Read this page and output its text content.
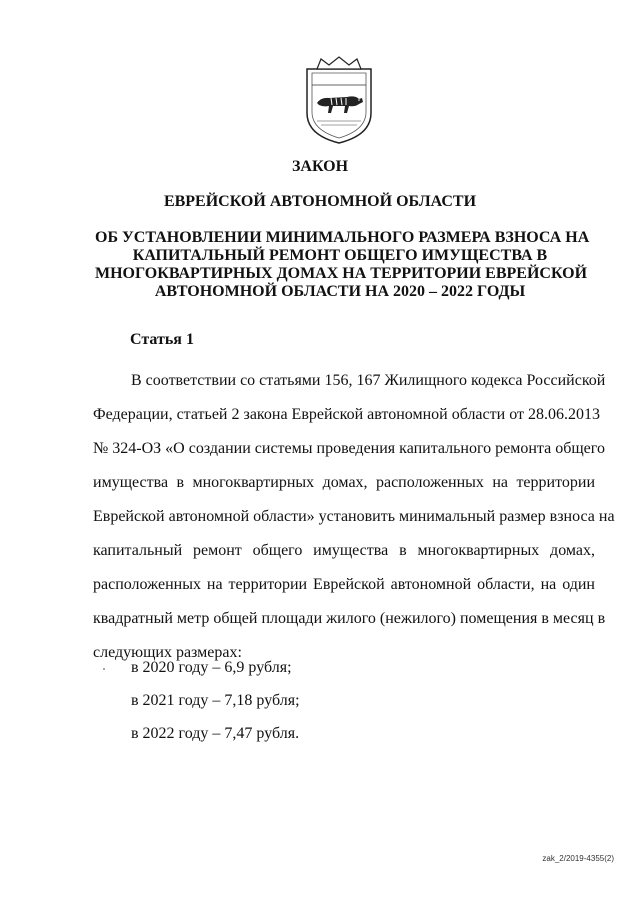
ЗАКОН
ЕВРЕЙСКОЙ АВТОНОМНОЙ ОБЛАСТИ
ОБ УСТАНОВЛЕНИИ МИНИМАЛЬНОГО РАЗМЕРА ВЗНОСА НА
КАПИТАЛЬНЫЙ РЕМОНТ ОБЩЕГО ИМУЩЕСТВА В
МНОГОКВАРТИРНЫХ ДОМАХ НА ТЕРРИТОРИИ ЕВРЕЙСКОЙ
АВТОНОМНОЙ ОБЛАСТИ НА 2020 – 2022 ГОДЫ
Статья 1
В соответствии со статьями 156, 167 Жилищного кодекса Российской
Федерации, статьей 2 закона Еврейской автономной области от 28.06.2013
№ 324-ОЗ «О создании системы проведения капитального ремонта общего
имущества в многоквартирных домах, расположенных на территории
Еврейской автономной области» установить минимальный размер взноса на
капитальный ремонт общего имущества в многоквартирных домах,
расположенных на территории Еврейской автономной области, на один
квадратный метр общей площади жилого (нежилого) помещения в месяц в
следующих размерах:
в 2020 году – 6,9 рубля;
в 2021 году – 7,18 рубля;
в 2022 году – 7,47 рубля.
zak_2/2019-4355(2)
